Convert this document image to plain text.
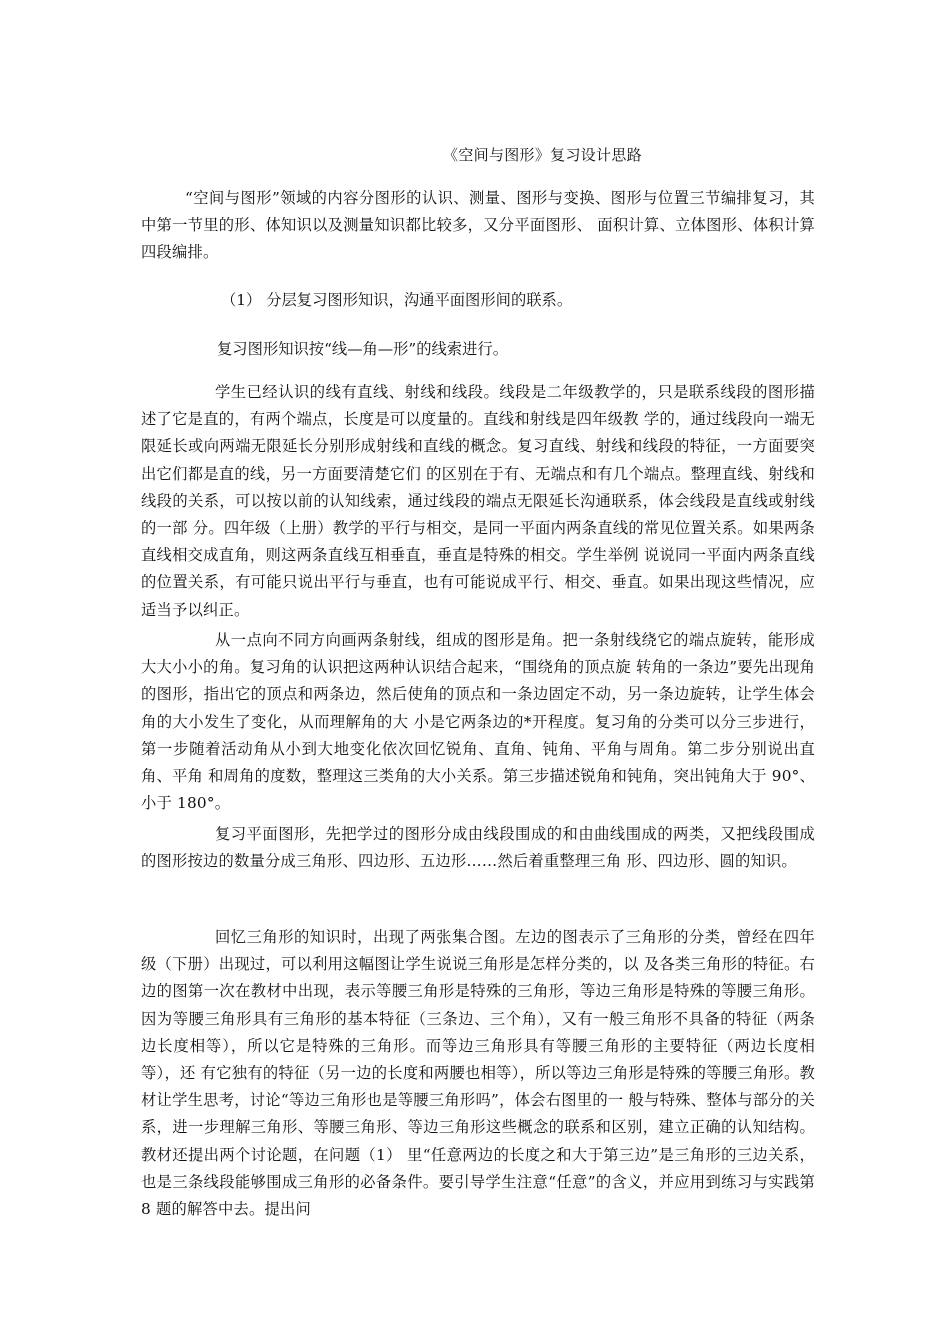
《空间与图形》复习设计思路

“空间与图形”领域的内容分图形的认识、测量、图形与变换、图形与位置三节编排复习，其中第一节里的形、体知识以及测量知识都比较多，又分平面图形、 面积计算、立体图形、体积计算四段编排。

（1） 分层复习图形知识，沟通平面图形间的联系。

复习图形知识按“线—角—形”的线索进行。

学生已经认识的线有直线、射线和线段。线段是二年级教学的，只是联系线段的图形描述了它是直的，有两个端点，长度是可以度量的。直线和射线是四年级教 学的，通过线段向一端无限延长或向两端无限延长分别形成射线和直线的概念。复习直线、射线和线段的特征，一方面要突出它们都是直的线，另一方面要清楚它们 的区别在于有、无端点和有几个端点。整理直线、射线和线段的关系，可以按以前的认知线索，通过线段的端点无限延长沟通联系，体会线段是直线或射线的一部 分。四年级（上册）教学的平行与相交，是同一平面内两条直线的常见位置关系。如果两条直线相交成直角，则这两条直线互相垂直，垂直是特殊的相交。学生举例 说说同一平面内两条直线的位置关系，有可能只说出平行与垂直，也有可能说成平行、相交、垂直。如果出现这些情况，应适当予以纠正。

从一点向不同方向画两条射线，组成的图形是角。把一条射线绕它的端点旋转，能形成大大小小的角。复习角的认识把这两种认识结合起来，“围绕角的顶点旋 转角的一条边”要先出现角的图形，指出它的顶点和两条边，然后使角的顶点和一条边固定不动，另一条边旋转，让学生体会角的大小发生了变化，从而理解角的大 小是它两条边的*开程度。复习角的分类可以分三步进行，第一步随着活动角从小到大地变化依次回忆锐角、直角、钝角、平角与周角。第二步分别说出直角、平角 和周角的度数，整理这三类角的大小关系。第三步描述锐角和钝角，突出钝角大于 90°、小于 180°。

复习平面图形，先把学过的图形分成由线段围成的和由曲线围成的两类，又把线段围成的图形按边的数量分成三角形、四边形、五边形……然后着重整理三角 形、四边形、圆的知识。

回忆三角形的知识时，出现了两张集合图。左边的图表示了三角形的分类，曾经在四年级（下册）出现过，可以利用这幅图让学生说说三角形是怎样分类的，以 及各类三角形的特征。右边的图第一次在教材中出现，表示等腰三角形是特殊的三角形，等边三角形是特殊的等腰三角形。因为等腰三角形具有三角形的基本特征（三条边、三个角），又有一般三角形不具备的特征（两条边长度相等），所以它是特殊的三角形。而等边三角形具有等腰三角形的主要特征（两边长度相等），还 有它独有的特征（另一边的长度和两腰也相等），所以等边三角形是特殊的等腰三角形。教材让学生思考，讨论“等边三角形也是等腰三角形吗”，体会右图里的一 般与特殊、整体与部分的关系，进一步理解三角形、等腰三角形、等边三角形这些概念的联系和区别，建立正确的认知结构。教材还提出两个讨论题，在问题（1） 里“任意两边的长度之和大于第三边”是三角形的三边关系， 也是三条线段能够围成三角形的必备条件。要引导学生注意“任意”的含义，并应用到练习与实践第 8 题的解答中去。提出问
